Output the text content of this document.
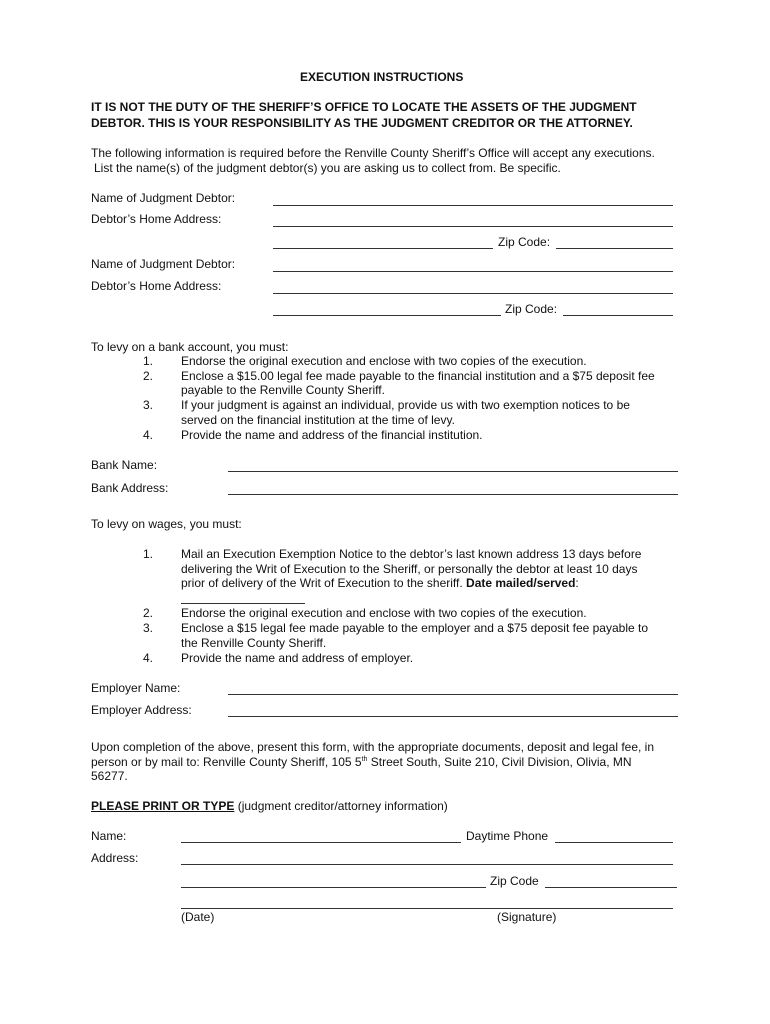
EXECUTION INSTRUCTIONS
IT IS NOT THE DUTY OF THE SHERIFF’S OFFICE TO LOCATE THE ASSETS OF THE JUDGMENT
DEBTOR. THIS IS YOUR RESPONSIBILITY AS THE JUDGMENT CREDITOR OR THE ATTORNEY.
The following information is required before the Renville County Sheriff’s Office will accept any executions.
List the name(s) of the judgment debtor(s) you are asking us to collect from. Be specific.
Name of Judgment Debtor:
Debtor’s Home Address:
Zip Code:
Name of Judgment Debtor:
Debtor’s Home Address:
Zip Code:
To levy on a bank account, you must:
1. Endorse the original execution and enclose with two copies of the execution.
2. Enclose a $15.00 legal fee made payable to the financial institution and a $75 deposit fee
payable to the Renville County Sheriff.
3. If your judgment is against an individual, provide us with two exemption notices to be
served on the financial institution at the time of levy.
4. Provide the name and address of the financial institution.
Bank Name:
Bank Address:
To levy on wages, you must:
1. Mail an Execution Exemption Notice to the debtor’s last known address 13 days before
delivering the Writ of Execution to the Sheriff, or personally the debtor at least 10 days
prior of delivery of the Writ of Execution to the sheriff. Date mailed/served:
2. Endorse the original execution and enclose with two copies of the execution.
3. Enclose a $15 legal fee made payable to the employer and a $75 deposit fee payable to
the Renville County Sheriff.
4. Provide the name and address of employer.
Employer Name:
Employer Address:
Upon completion of the above, present this form, with the appropriate documents, deposit and legal fee, in
person or by mail to: Renville County Sheriff, 105 5th Street South, Suite 210, Civil Division, Olivia, MN
56277.
PLEASE PRINT OR TYPE (judgment creditor/attorney information)
Name:	Daytime Phone
Address:
Zip Code
(Date)	(Signature)
